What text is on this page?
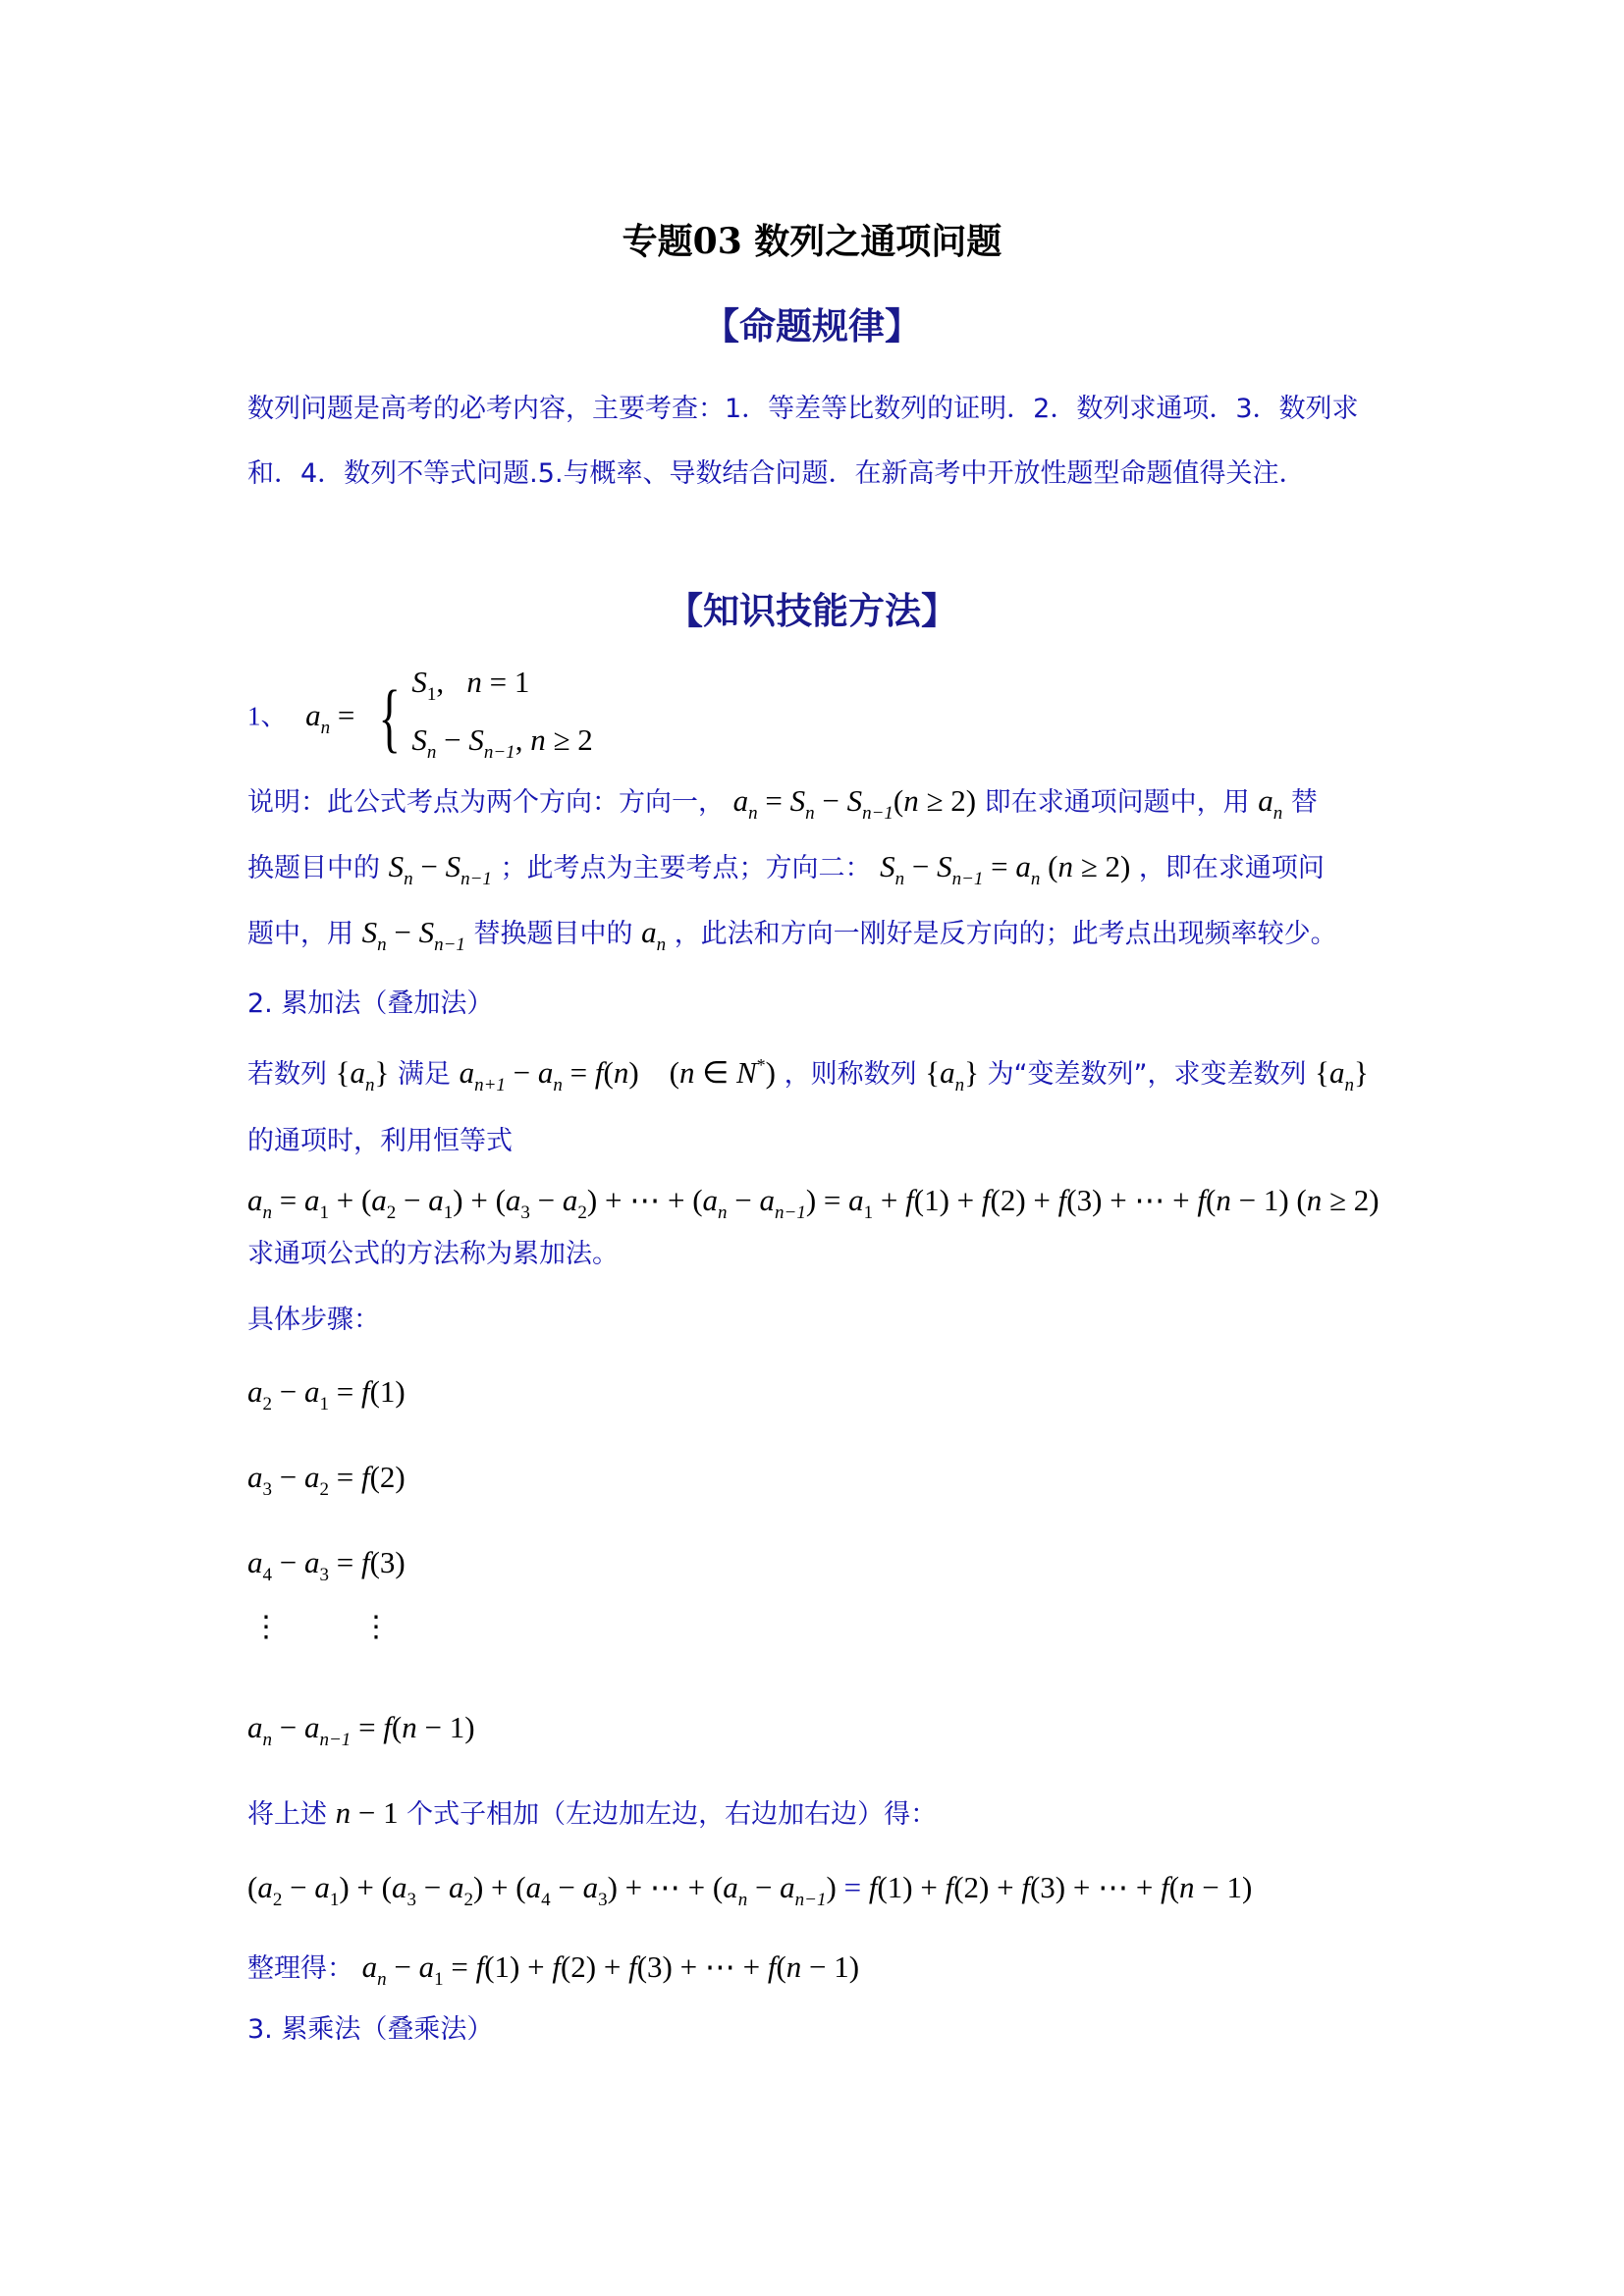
专题03 数列之通项问题
【命题规律】
数列问题是高考的必考内容，主要考查：1．等差等比数列的证明．2．数列求通项．3．数列求和．4．数列不等式问题.5.与概率、导数结合问题．在新高考中开放性题型命题值得关注．
【知识技能方法】
1、 $a_n$ = { $S_1$,   n = 1
$S_n - S_{n-1}$, n ≥ 2
说明：此公式考点为两个方向：方向一， $a_n = S_n - S_{n-1}(n \ge 2)$ 即在求通项问题中，用 $a_n$ 替
换题目中的 $S_n - S_{n-1}$ ；此考点为主要考点；方向二： $S_n - S_{n-1} = a_n$ (n ≥ 2) ，即在求通项问
题中，用 $S_n - S_{n-1}$ 替换题目中的 $a_n$ ，此法和方向一刚好是反方向的；此考点出现频率较少。
2. 累加法（叠加法）
若数列 $\{a_n\}$ 满足 $a_{n+1} - a_n = f(n)$    (n ∈ N*) ，则称数列 $\{a_n\}$ 为“变差数列”，求变差数列 $\{a_n\}$
的通项时，利用恒等式
$a_n = a_1 + (a_2 - a_1) + (a_3 - a_2)$ + ⋯ + $(a_n - a_{n-1}) = a_1 + f(1) + f(2) + f(3)$ + ⋯ + f(n − 1) (n ≥ 2)
求通项公式的方法称为累加法。
具体步骤：
$a_2 - a_1 = f(1)$
$a_3 - a_2 = f(2)$
$a_4 - a_3 = f(3)$
⋮	⋮
$a_n - a_{n-1} = f(n - 1)$
将上述 n − 1 个式子相加（左边加左边，右边加右边）得：
$(a_2 - a_1) + (a_3 - a_2) + (a_4 - a_3)$ + ⋯ + $(a_n - a_{n-1}) = f(1) + f(2) + f(3)$ + ⋯ + f(n − 1)
整理得： $a_n - a_1 = f(1) + f(2) + f(3)$ + ⋯ + f(n − 1)
3. 累乘法（叠乘法）
